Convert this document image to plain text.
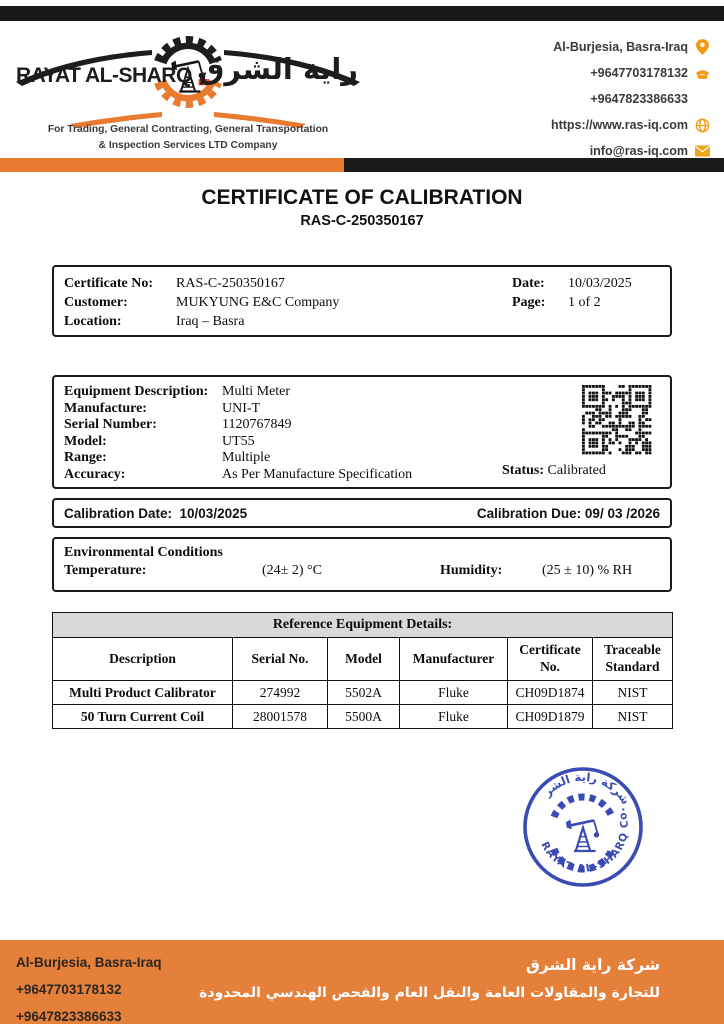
RAYAT AL-SHARQ راية الشرق
For Trading, General Contracting, General Transportation
& Inspection Services LTD Company
Al-Burjesia, Basra-Iraq
+9647703178132
+9647823386633
https://www.ras-iq.com
info@ras-iq.com
CERTIFICATE OF CALIBRATION
RAS-C-250350167
Certificate No:	RAS-C-250350167
Customer:	MUKYUNG E&C Company
Location:	Iraq – Basra
Date:	10/03/2025
Page:	1 of 2
Equipment Description: Multi Meter
Manufacture:	UNI-T
Serial Number:	1120767849
Model:	UT55
Range:	Multiple
Accuracy:	As Per Manufacture Specification	Status: Calibrated
Calibration Date: 10/03/2025	Calibration Due: 09/ 03 /2026
Environmental Conditions
Temperature:	(24± 2) °C	Humidity:	(25 ± 10) % RH
Reference Equipment Details:					
Description	Serial No.	Model	Manufacturer	Certificate No.	Traceable Standard
Multi Product Calibrator	274992	5502A	Fluke	CH09D1874	NIST
50 Turn Current Coil	28001578	5500A	Fluke	CH09D1879	NIST
شركة راية الشرق
RAYAT AL-SHARQ Co.
Al-Burjesia, Basra-Iraq
+9647703178132
+9647823386633
شركة راية الشرق
للتجارة والمقاولات العامة والنقل العام والفحص الهندسي المحدودة
